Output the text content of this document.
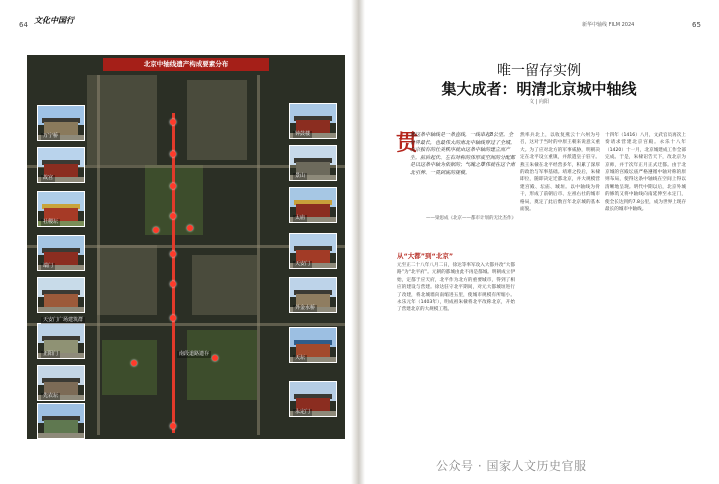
64 文化中国行
北京中轴线遗产构成要素分布
钟鼓楼
万宁桥
景山
故宫
太庙
社稷坛
端门	天安门
天安门广场建筑群
外金水桥
正阳门	南段道路遗存
天坛
先农坛
永定门
新华中轴线 FILM 2024	65
唯一留存实例
集大成者：明清北京城中轴线
文 | 向阳
贯
通这条中轴线是一条直线，一线串起8公里。全世界最长，也最伟大的南北中轴线穿过了全城。北京独有的壮美秩序就由这条中轴的建立而产生。前后起伏、左右对称的体形或空间的分配都是以这条中轴为依据的；气魄之雄伟就在这个南北引伸、一贯到底的规模。
——梁思成《北京——都市计划的无比杰作》
从“大都”到“北京”
元至正二十八年八月二日，徐达等率军攻入大都并改“大都路”为“北平府”。元朝的都城由此不再是都城。明朝成立伊始，定都于应天府，北平作为北方的重要城市，得到了相应的建设与营建。徐达驻守北平期间，对元大都城垣进行了改建，将北城墙向南缩进五里，使城市规模有所缩小。永乐元年（1403年），明成祖朱棣将北平改称北京，开始了营建北京的大规模工程。
然率兵北上，以收复燕云十六州为号召，这对于当时的中原王朝来说意义重大。为了应对北方的军事威胁，明朝决定在北平设立重镇，并派遣皇子驻守。燕王朱棣在北平经营多年，积累了深厚的政治与军事基础。靖难之役后，朱棣即位，随即决定迁都北京，并大规模营建宫殿、坛庙、城垣。以中轴线为骨干，形成了前朝后市、左祖右社的城市格局，奠定了此后数百年北京城的基本面貌。
十四年（1416）八月，文武官员再次上奏请求营建北京宫殿。永乐十八年（1420）十一月，北京城建成工作全部完成。于是，朱棣诏告天下，改北京为京师，并于次年正月正式迁都。由于北京城的宫殿坛庙严格遵循中轴对称的原则布局，使得这条中轴线在空间上得以清晰地呈现。明代中期以后，北京外城的修筑又将中轴线向南延伸至永定门，使全长达到约7.8公里，成为世界上现存最长的城市中轴线。
公众号 · 国家人文历史官服
